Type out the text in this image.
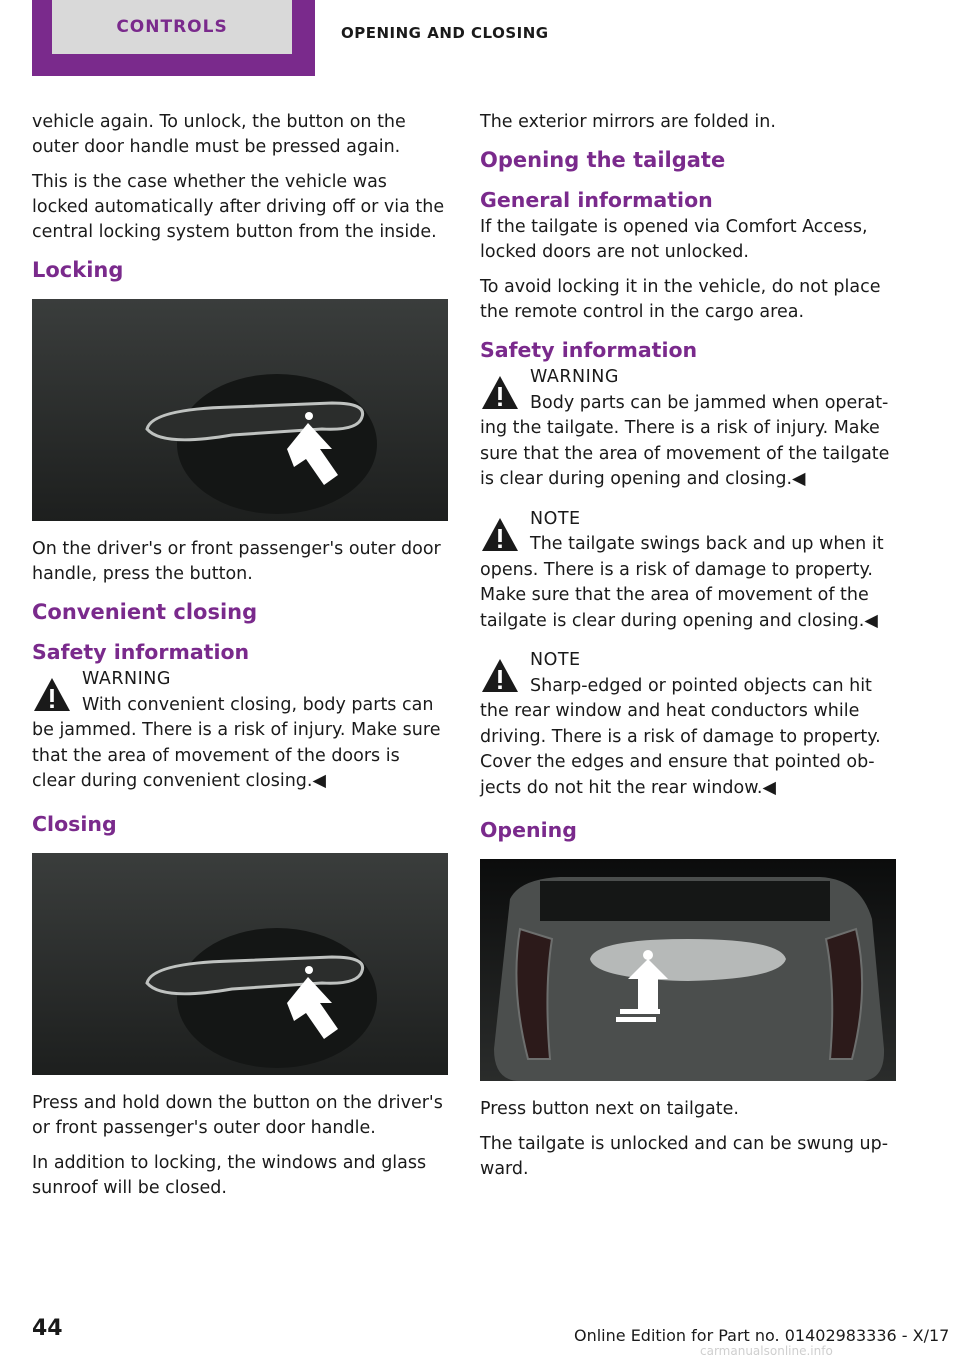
CONTROLS	OPENING AND CLOSING

vehicle again. To unlock, the button on the outer door handle must be pressed again.

This is the case whether the vehicle was locked automatically after driving off or via the central locking system button from the inside.

Locking

On the driver's or front passenger's outer door handle, press the button.

Convenient closing
Safety information
WARNING
With convenient closing, body parts can be jammed. There is a risk of injury. Make sure that the area of movement of the doors is clear during convenient closing.◀
Closing

Press and hold down the button on the driver's or front passenger's outer door handle.

In addition to locking, the windows and glass sunroof will be closed.

The exterior mirrors are folded in.

Opening the tailgate
General information

If the tailgate is opened via Comfort Access, locked doors are not unlocked.

To avoid locking it in the vehicle, do not place the remote control in the cargo area.

Safety information
WARNING
Body parts can be jammed when operat‐ing the tailgate. There is a risk of injury. Make sure that the area of movement of the tailgate is clear during opening and closing.◀
NOTE
The tailgate swings back and up when it opens. There is a risk of damage to property. Make sure that the area of movement of the tailgate is clear during opening and closing.◀
NOTE
Sharp-edged or pointed objects can hit the rear window and heat conductors while driving. There is a risk of damage to property. Cover the edges and ensure that pointed ob‐jects do not hit the rear window.◀
Opening

Press button next on tailgate.

The tailgate is unlocked and can be swung up‐ward.

44	Online Edition for Part no. 01402983336 - X/17
carmanualsonline.info
